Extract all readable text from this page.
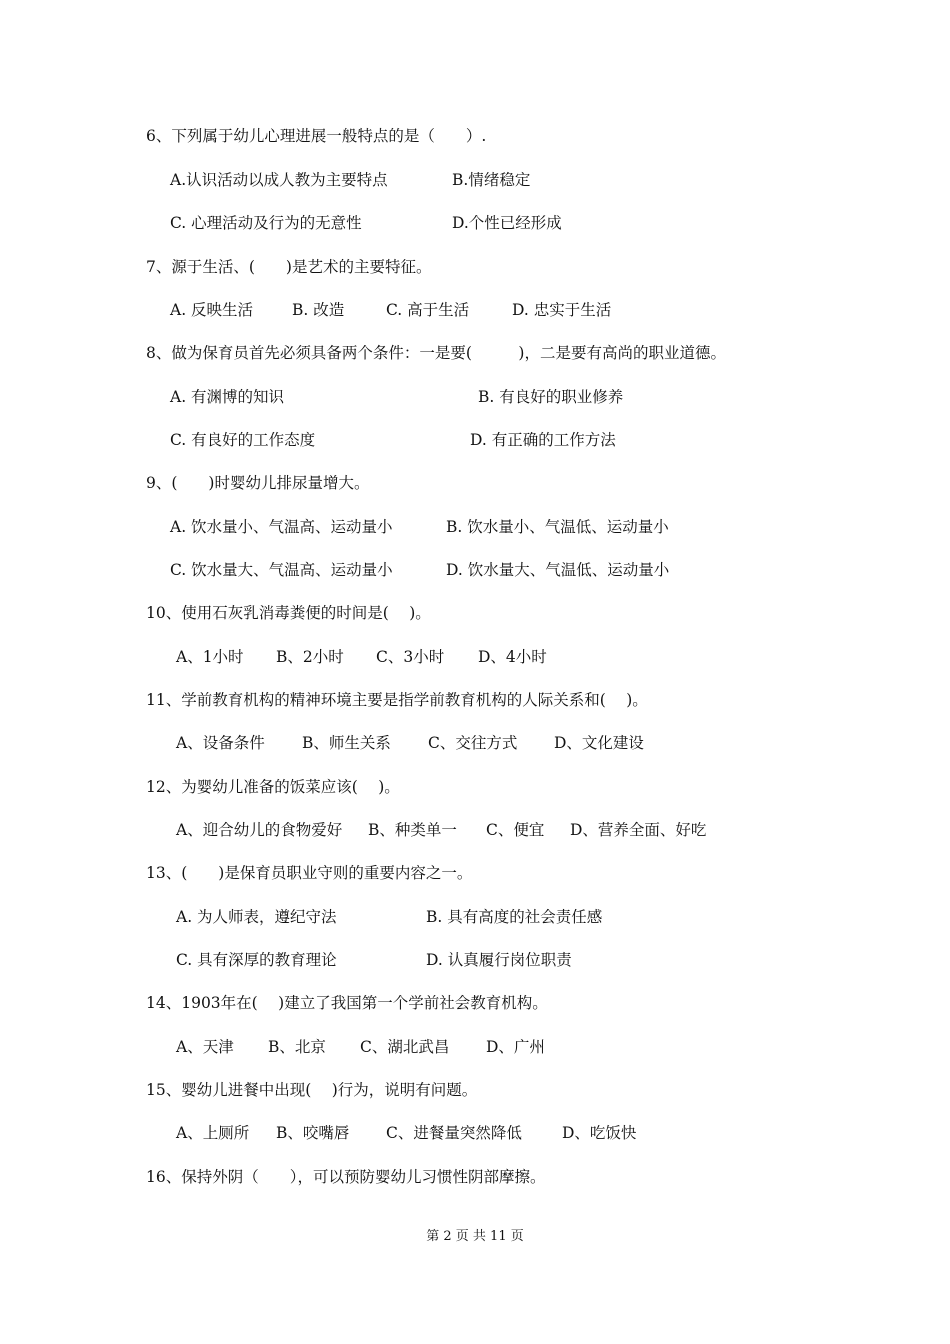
6、下列属于幼儿心理进展一般特点的是（　　）.
A.认识活动以成人教为主要特点	B.情绪稳定
C. 心理活动及行为的无意性	D.个性已经形成
7、源于生活、(　　)是艺术的主要特征。
A. 反映生活	B. 改造	C. 高于生活	D. 忠实于生活
8、做为保育员首先必须具备两个条件：一是要(　　　)，二是要有高尚的职业道德。
A. 有渊博的知识	B. 有良好的职业修养
C. 有良好的工作态度	D. 有正确的工作方法
9、(　　)时婴幼儿排尿量增大。
A. 饮水量小、气温高、运动量小	B. 饮水量小、气温低、运动量小
C. 饮水量大、气温高、运动量小	D. 饮水量大、气温低、运动量小
10、使用石灰乳消毒粪便的时间是(　 )。
A、1小时 B、2小时 C、3小时 D、4小时
11、学前教育机构的精神环境主要是指学前教育机构的人际关系和(　 )。
A、设备条件 B、师生关系 C、交往方式 D、文化建设
12、为婴幼儿准备的饭菜应该(　 )。
A、迎合幼儿的食物爱好 B、种类单一 C、便宜 D、营养全面、好吃
13、(　　)是保育员职业守则的重要内容之一。
A. 为人师表，遵纪守法	B. 具有高度的社会责任感
C. 具有深厚的教育理论	D. 认真履行岗位职责
14、1903年在(　 )建立了我国第一个学前社会教育机构。
A、天津 B、北京 C、湖北武昌 D、广州
15、婴幼儿进餐中出现(　 )行为，说明有问题。
A、上厕所 B、咬嘴唇 C、进餐量突然降低	D、吃饭快
16、保持外阴（　　），可以预防婴幼儿习惯性阴部摩擦。
第 2 页 共 11 页
